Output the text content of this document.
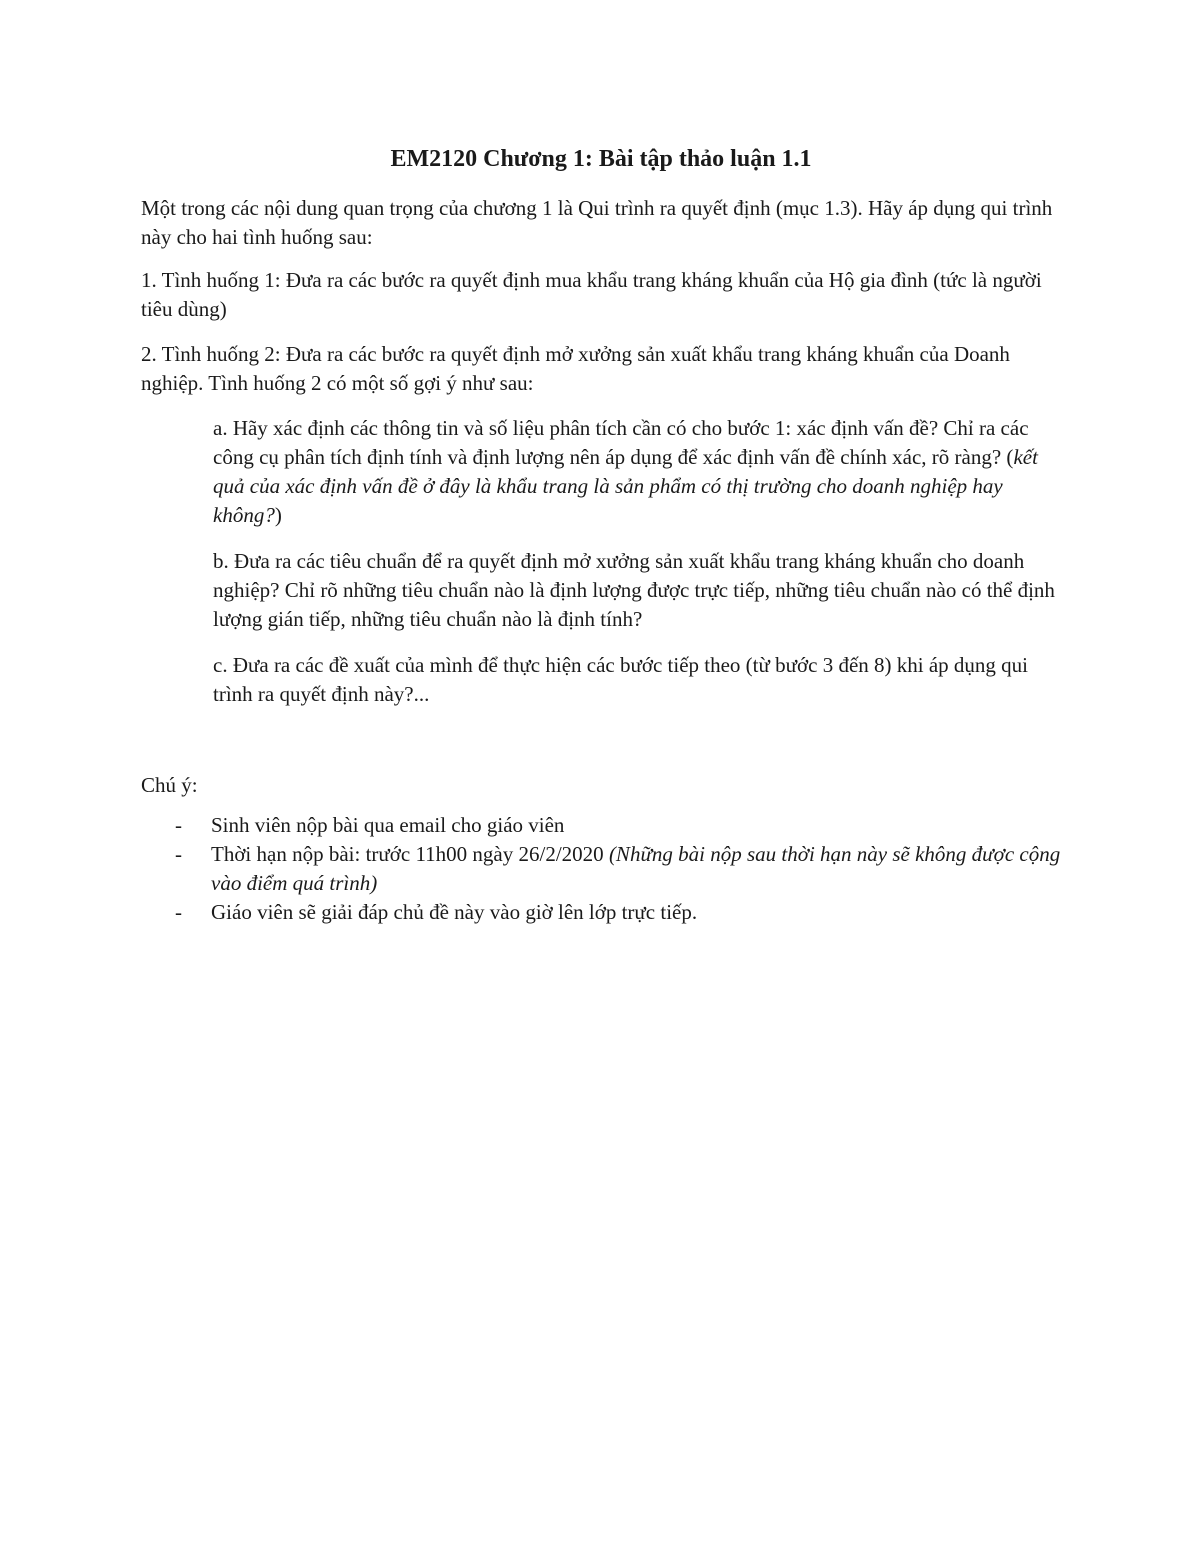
EM2120 Chương 1: Bài tập thảo luận 1.1
Một trong các nội dung quan trọng của chương 1 là Qui trình ra quyết định (mục 1.3). Hãy áp dụng qui trình này cho hai tình huống sau:
1. Tình huống 1: Đưa ra các bước ra quyết định mua khẩu trang kháng khuẩn của Hộ gia đình (tức là người tiêu dùng)
2. Tình huống 2: Đưa ra các bước ra quyết định mở xưởng sản xuất khẩu trang kháng khuẩn của Doanh nghiệp. Tình huống 2 có một số gợi ý như sau:
a. Hãy xác định các thông tin và số liệu phân tích cần có cho bước 1: xác định vấn đề? Chỉ ra các công cụ phân tích định tính và định lượng nên áp dụng để xác định vấn đề chính xác, rõ ràng? (kết quả của xác định vấn đề ở đây là khẩu trang là sản phẩm có thị trường cho doanh nghiệp hay không?)
b. Đưa ra các tiêu chuẩn để ra quyết định mở xưởng sản xuất khẩu trang kháng khuẩn cho doanh nghiệp? Chỉ rõ những tiêu chuẩn nào là định lượng được trực tiếp, những tiêu chuẩn nào có thể định lượng gián tiếp, những tiêu chuẩn nào là định tính?
c. Đưa ra các đề xuất của mình để thực hiện các bước tiếp theo (từ bước 3 đến 8) khi áp dụng qui trình ra quyết định này?...
Chú ý:
- Sinh viên nộp bài qua email cho giáo viên
- Thời hạn nộp bài: trước 11h00 ngày 26/2/2020 (Những bài nộp sau thời hạn này sẽ không được cộng vào điểm quá trình)
- Giáo viên sẽ giải đáp chủ đề này vào giờ lên lớp trực tiếp.
